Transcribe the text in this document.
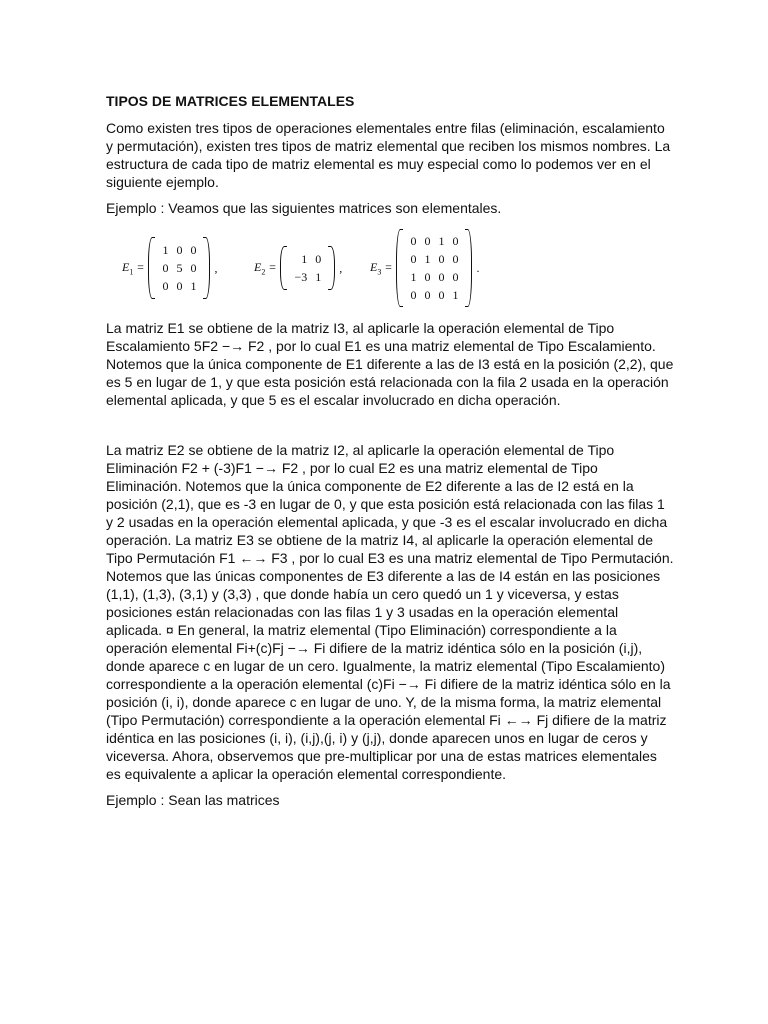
TIPOS DE MATRICES ELEMENTALES

Como existen tres tipos de operaciones elementales entre filas (eliminación, escalamiento y permutación), existen tres tipos de matriz elemental que reciben los mismos nombres. La estructura de cada tipo de matriz elemental es muy especial como lo podemos ver en el siguiente ejemplo.

Ejemplo : Veamos que las siguientes matrices son elementales.

$E_1$ =
1	0	0
0	5	0
0	0	1
,	$E_2$ =
1	0
−3	1
, $E_3$ =
0	0	1	0
0	1	0	0
1	0	0	0
0	0	0	1
.

La matriz E1 se obtiene de la matriz I3, al aplicarle la operación elemental de Tipo Escalamiento 5F2 −→ F2 , por lo cual E1 es una matriz elemental de Tipo Escalamiento. Notemos que la única componente de E1 diferente a las de I3 está en la posición (2,2), que es 5 en lugar de 1, y que esta posición está relacionada con la fila 2 usada en la operación elemental aplicada, y que 5 es el escalar involucrado en dicha operación.

La matriz E2 se obtiene de la matriz I2, al aplicarle la operación elemental de Tipo Eliminación F2 + (-3)F1 −→ F2 , por lo cual E2 es una matriz elemental de Tipo Eliminación. Notemos que la única componente de E2 diferente a las de I2 está en la posición (2,1), que es -3 en lugar de 0, y que esta posición está relacionada con las filas 1 y 2 usadas en la operación elemental aplicada, y que -3 es el escalar involucrado en dicha operación. La matriz E3 se obtiene de la matriz I4, al aplicarle la operación elemental de Tipo Permutación F1 ←→ F3 , por lo cual E3 es una matriz elemental de Tipo Permutación. Notemos que las únicas componentes de E3 diferente a las de I4 están en las posiciones (1,1), (1,3), (3,1) y (3,3) , que donde había un cero quedó un 1 y viceversa, y estas posiciones están relacionadas con las filas 1 y 3 usadas en la operación elemental aplicada. ¤ En general, la matriz elemental (Tipo Eliminación) correspondiente a la operación elemental Fi+(c)Fj −→ Fi difiere de la matriz idéntica sólo en la posición (i,j), donde aparece c en lugar de un cero. Igualmente, la matriz elemental (Tipo Escalamiento) correspondiente a la operación elemental (c)Fi −→ Fi difiere de la matriz idéntica sólo en la posición (i, i), donde aparece c en lugar de uno. Y, de la misma forma, la matriz elemental (Tipo Permutación) correspondiente a la operación elemental Fi ←→ Fj difiere de la matriz idéntica en las posiciones (i, i), (i,j),(j, i) y (j,j), donde aparecen unos en lugar de ceros y viceversa. Ahora, observemos que pre-multiplicar por una de estas matrices elementales es equivalente a aplicar la operación elemental correspondiente.

Ejemplo : Sean las matrices
